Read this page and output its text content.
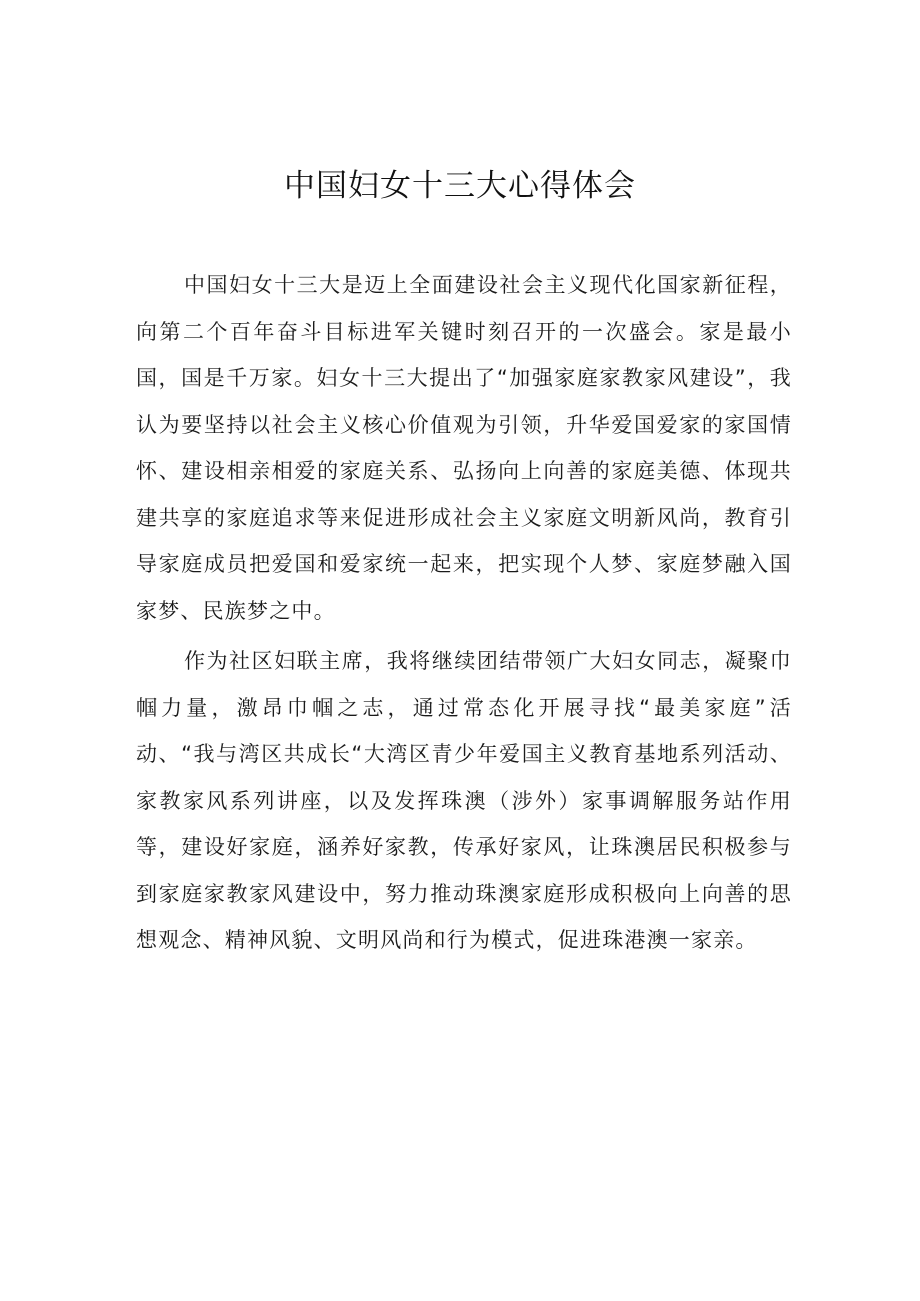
中国妇女十三大心得体会

中国妇女十三大是迈上全面建设社会主义现代化国家新征程，向第二个百年奋斗目标进军关键时刻召开的一次盛会。家是最小国，国是千万家。妇女十三大提出了“加强家庭家教家风建设”，我认为要坚持以社会主义核心价值观为引领，升华爱国爱家的家国情怀、建设相亲相爱的家庭关系、弘扬向上向善的家庭美德、体现共建共享的家庭追求等来促进形成社会主义家庭文明新风尚，教育引导家庭成员把爱国和爱家统一起来，把实现个人梦、家庭梦融入国家梦、民族梦之中。

作为社区妇联主席，我将继续团结带领广大妇女同志，凝聚巾帼力量，激昂巾帼之志，通过常态化开展寻找“最美家庭”活动、“我与湾区共成长“大湾区青少年爱国主义教育基地系列活动、家教家风系列讲座，以及发挥珠澳（涉外）家事调解服务站作用等，建设好家庭，涵养好家教，传承好家风，让珠澳居民积极参与到家庭家教家风建设中，努力推动珠澳家庭形成积极向上向善的思想观念、精神风貌、文明风尚和行为模式，促进珠港澳一家亲。
